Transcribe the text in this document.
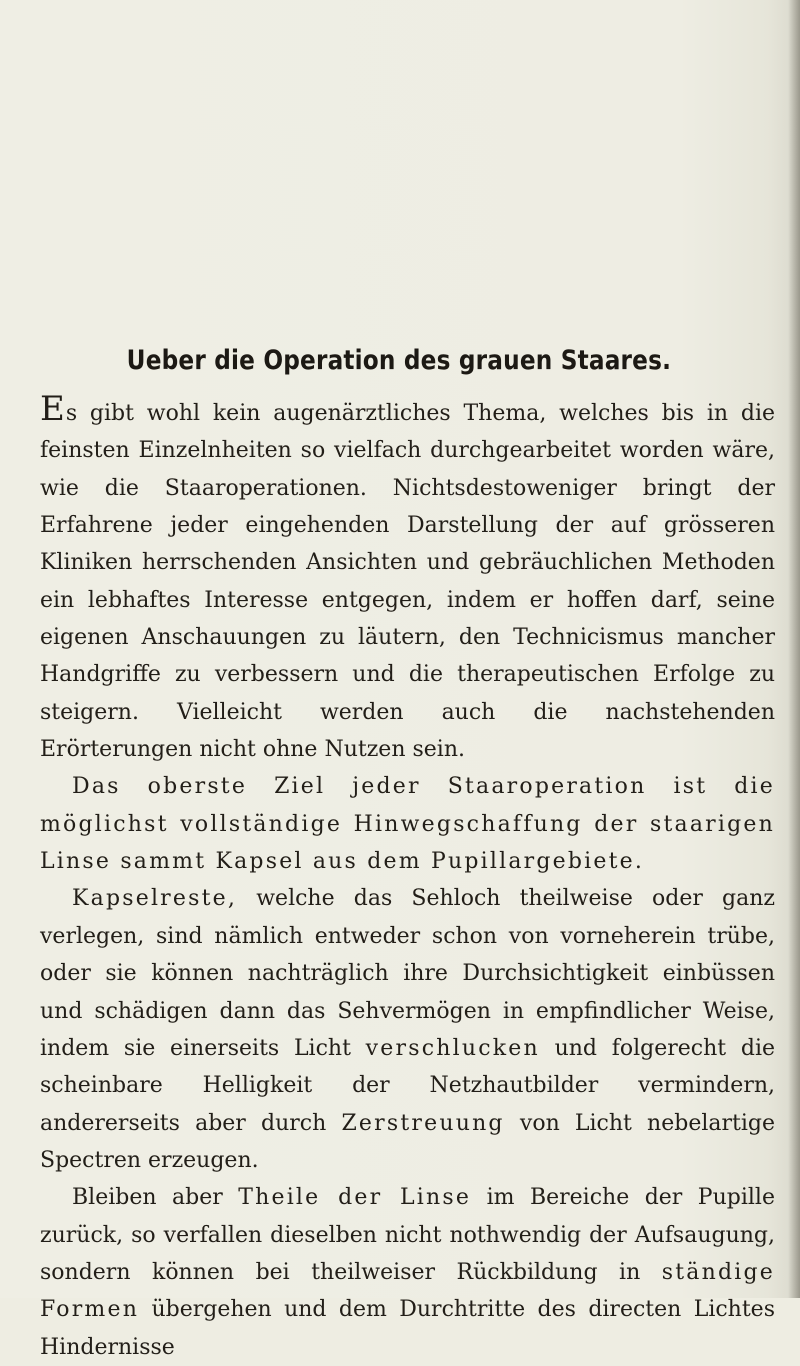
Ueber die Operation des grauen Staares.

Es gibt wohl kein augenärztliches Thema, welches bis in die feinsten Einzelnheiten so vielfach durchgearbeitet worden wäre, wie die Staaroperationen. Nichtsdestoweniger bringt der Erfahrene jeder eingehenden Darstellung der auf grösseren Kliniken herrschenden Ansichten und gebräuchlichen Methoden ein lebhaftes Interesse entgegen, indem er hoffen darf, seine eigenen Anschauungen zu läutern, den Technicismus mancher Handgriffe zu verbessern und die therapeutischen Erfolge zu steigern. Vielleicht werden auch die nachstehenden Erörterungen nicht ohne Nutzen sein.

Das oberste Ziel jeder Staaroperation ist die möglichst vollständige Hinwegschaffung der staarigen Linse sammt Kapsel aus dem Pupillargebiete.

Kapselreste, welche das Sehloch theilweise oder ganz verlegen, sind nämlich entweder schon von vorneherein trübe, oder sie können nachträglich ihre Durchsichtigkeit einbüssen und schädigen dann das Sehvermögen in empfindlicher Weise, indem sie einerseits Licht verschlucken und folgerecht die scheinbare Helligkeit der Netzhautbilder vermindern, andererseits aber durch Zerstreuung von Licht nebelartige Spectren erzeugen.

Bleiben aber Theile der Linse im Bereiche der Pupille zurück, so verfallen dieselben nicht nothwendig der Aufsaugung, sondern können bei theilweiser Rückbildung in ständige Formen übergehen und dem Durchtritte des directen Lichtes Hindernisse
